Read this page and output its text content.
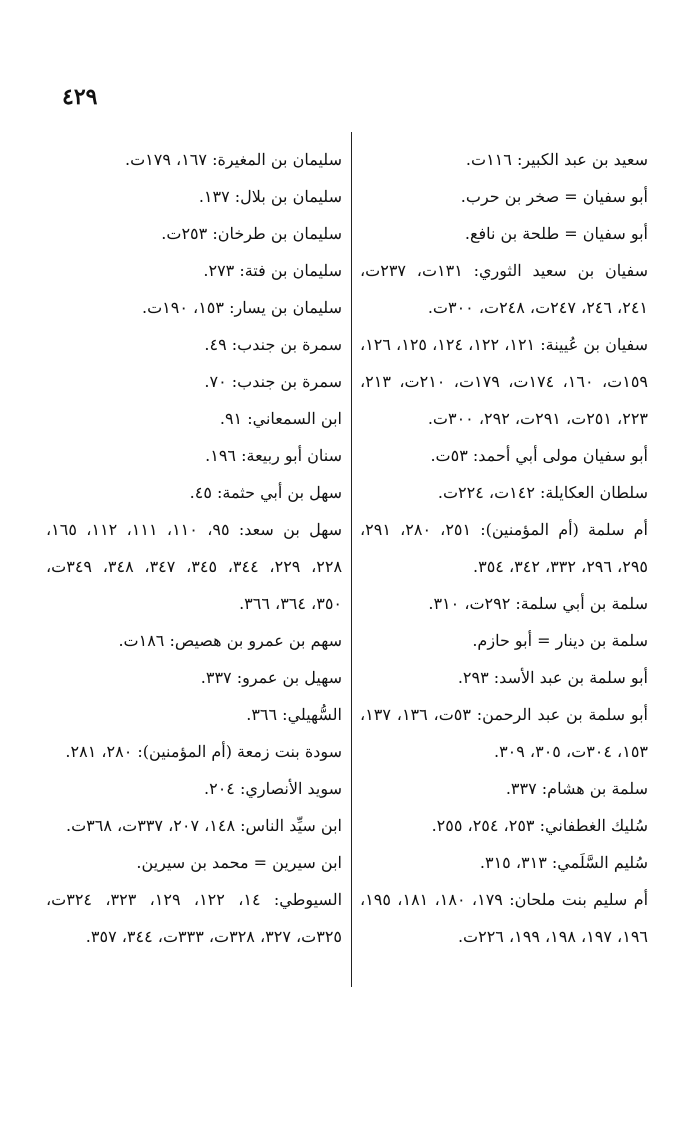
٤٢٩
سعيد بن عبد الكبير: ١١٦ت.
أبو سفيان = صخر بن حرب.
أبو سفيان = طلحة بن نافع.
سفيان بن سعيد الثوري: ١٣١ت، ٢٣٧ت، ٢٤١، ٢٤٦، ٢٤٧ت، ٢٤٨ت، ٣٠٠ت.
سفيان بن عُيينة: ١٢١، ١٢٢، ١٢٤، ١٢٥، ١٢٦، ١٥٩ت، ١٦٠، ١٧٤ت، ١٧٩ت، ٢١٠ت، ٢١٣، ٢٢٣، ٢٥١ت، ٢٩١ت، ٢٩٢، ٣٠٠ت.
أبو سفيان مولى أبي أحمد: ٥٣ت.
سلطان العكايلة: ١٤٢ت، ٢٢٤ت.
أم سلمة (أم المؤمنين): ٢٥١، ٢٨٠، ٢٩١، ٢٩٥، ٢٩٦، ٣٣٢، ٣٤٢، ٣٥٤.
سلمة بن أبي سلمة: ٢٩٢ت، ٣١٠.
سلمة بن دينار = أبو حازم.
أبو سلمة بن عبد الأسد: ٢٩٣.
أبو سلمة بن عبد الرحمن: ٥٣ت، ١٣٦، ١٣٧، ١٥٣، ٣٠٤ت، ٣٠٥، ٣٠٩.
سلمة بن هشام: ٣٣٧.
سُليك الغطفاني: ٢٥٣، ٢٥٤، ٢٥٥.
سُليم السَّلَمي: ٣١٣، ٣١٥.
أم سليم بنت ملحان: ١٧٩، ١٨٠، ١٨١، ١٩٥، ١٩٦، ١٩٧، ١٩٨، ١٩٩، ٢٢٦ت.
سليمان بن المغيرة: ١٦٧، ١٧٩ت.
سليمان بن بلال: ١٣٧.
سليمان بن طرخان: ٢٥٣ت.
سليمان بن فتة: ٢٧٣.
سليمان بن يسار: ١٥٣، ١٩٠ت.
سمرة بن جندب: ٤٩.
سمرة بن جندب: ٧٠.
ابن السمعاني: ٩١.
سنان أبو ربيعة: ١٩٦.
سهل بن أبي حثمة: ٤٥.
سهل بن سعد: ٩٥، ١١٠، ١١١، ١١٢، ١٦٥، ٢٢٨، ٢٢٩، ٣٤٤، ٣٤٥، ٣٤٧، ٣٤٨، ٣٤٩ت، ٣٥٠، ٣٦٤، ٣٦٦.
سهم بن عمرو بن هصيص: ١٨٦ت.
سهيل بن عمرو: ٣٣٧.
السُّهيلي: ٣٦٦.
سودة بنت زمعة (أم المؤمنين): ٢٨٠، ٢٨١.
سويد الأنصاري: ٢٠٤.
ابن سيِّد الناس: ١٤٨، ٢٠٧، ٣٣٧ت، ٣٦٨ت.
ابن سيرين = محمد بن سيرين.
السيوطي: ١٤، ١٢٢، ١٢٩، ٣٢٣، ٣٢٤ت، ٣٢٥ت، ٣٢٧، ٣٢٨ت، ٣٣٣ت، ٣٤٤، ٣٥٧.
